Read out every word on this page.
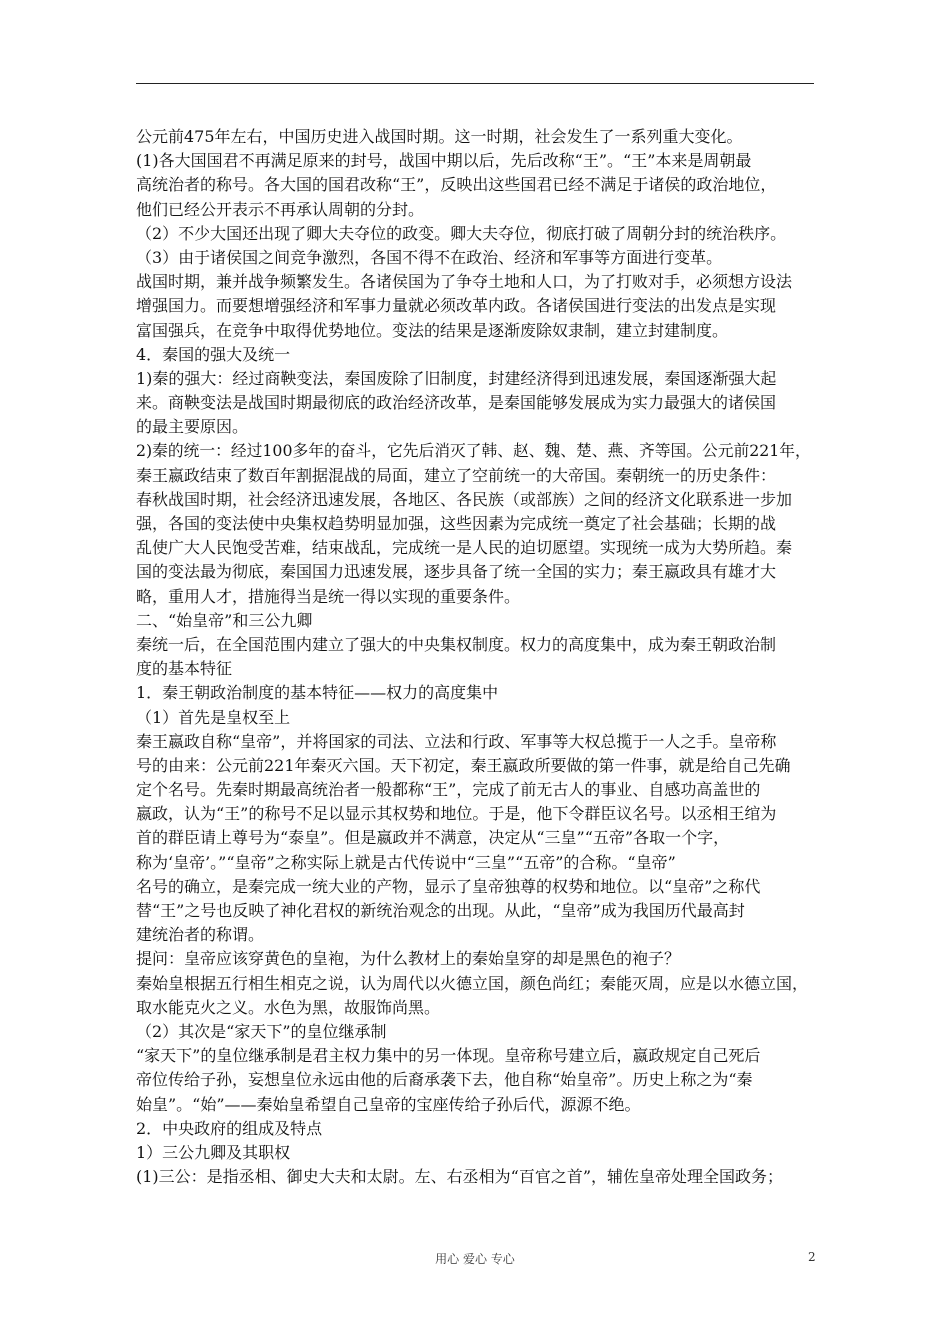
公元前475年左右，中国历史进入战国时期。这一时期，社会发生了一系列重大变化。
(1)各大国国君不再满足原来的封号，战国中期以后，先后改称“王”。“王”本来是周朝最
高统治者的称号。各大国的国君改称“王”，反映出这些国君已经不满足于诸侯的政治地位，
他们已经公开表示不再承认周朝的分封。
（2）不少大国还出现了卿大夫夺位的政变。卿大夫夺位，彻底打破了周朝分封的统治秩序。
（3）由于诸侯国之间竞争激烈，各国不得不在政治、经济和军事等方面进行变革。
战国时期，兼并战争频繁发生。各诸侯国为了争夺土地和人口，为了打败对手，必须想方设法
增强国力。而要想增强经济和军事力量就必须改革内政。各诸侯国进行变法的出发点是实现
富国强兵，在竞争中取得优势地位。变法的结果是逐渐废除奴隶制，建立封建制度。
4．秦国的强大及统一
1)秦的强大：经过商鞅变法，秦国废除了旧制度，封建经济得到迅速发展，秦国逐渐强大起
来。商鞅变法是战国时期最彻底的政治经济改革，是秦国能够发展成为实力最强大的诸侯国
的最主要原因。
2)秦的统一：经过100多年的奋斗，它先后消灭了韩、赵、魏、楚、燕、齐等国。公元前221年，
秦王嬴政结束了数百年割据混战的局面，建立了空前统一的大帝国。秦朝统一的历史条件：
春秋战国时期，社会经济迅速发展，各地区、各民族（或部族）之间的经济文化联系进一步加
强，各国的变法使中央集权趋势明显加强，这些因素为完成统一奠定了社会基础；长期的战
乱使广大人民饱受苦难，结束战乱，完成统一是人民的迫切愿望。实现统一成为大势所趋。秦
国的变法最为彻底，秦国国力迅速发展，逐步具备了统一全国的实力；秦王嬴政具有雄才大
略，重用人才，措施得当是统一得以实现的重要条件。
二、“始皇帝”和三公九卿
秦统一后，在全国范围内建立了强大的中央集权制度。权力的高度集中，成为秦王朝政治制
度的基本特征
1．秦王朝政治制度的基本特征——权力的高度集中
（1）首先是皇权至上
秦王嬴政自称“皇帝”，并将国家的司法、立法和行政、军事等大权总揽于一人之手。皇帝称
号的由来：公元前221年秦灭六国。天下初定，秦王嬴政所要做的第一件事，就是给自己先确
定个名号。先秦时期最高统治者一般都称“王”，完成了前无古人的事业、自感功高盖世的
嬴政，认为“王”的称号不足以显示其权势和地位。于是，他下令群臣议名号。以丞相王绾为
首的群臣请上尊号为“泰皇”。但是嬴政并不满意，决定从“三皇”“五帝”各取一个字，
称为‘皇帝’。”“皇帝”之称实际上就是古代传说中“三皇”“五帝”的合称。“皇帝”
名号的确立，是秦完成一统大业的产物，显示了皇帝独尊的权势和地位。以“皇帝”之称代
替“王”之号也反映了神化君权的新统治观念的出现。从此，“皇帝”成为我国历代最高封
建统治者的称谓。
提问：皇帝应该穿黄色的皇袍，为什么教材上的秦始皇穿的却是黑色的袍子？
秦始皇根据五行相生相克之说，认为周代以火德立国，颜色尚红；秦能灭周，应是以水德立国，
取水能克火之义。水色为黑，故服饰尚黑。
（2）其次是“家天下”的皇位继承制
“家天下”的皇位继承制是君主权力集中的另一体现。皇帝称号建立后，嬴政规定自己死后
帝位传给子孙，妄想皇位永远由他的后裔承袭下去，他自称“始皇帝”。历史上称之为“秦
始皇”。“始”——秦始皇希望自己皇帝的宝座传给子孙后代，源源不绝。
2．中央政府的组成及特点
1）三公九卿及其职权
(1)三公：是指丞相、御史大夫和太尉。左、右丞相为“百官之首”，辅佐皇帝处理全国政务；
用心 爱心 专心	2
